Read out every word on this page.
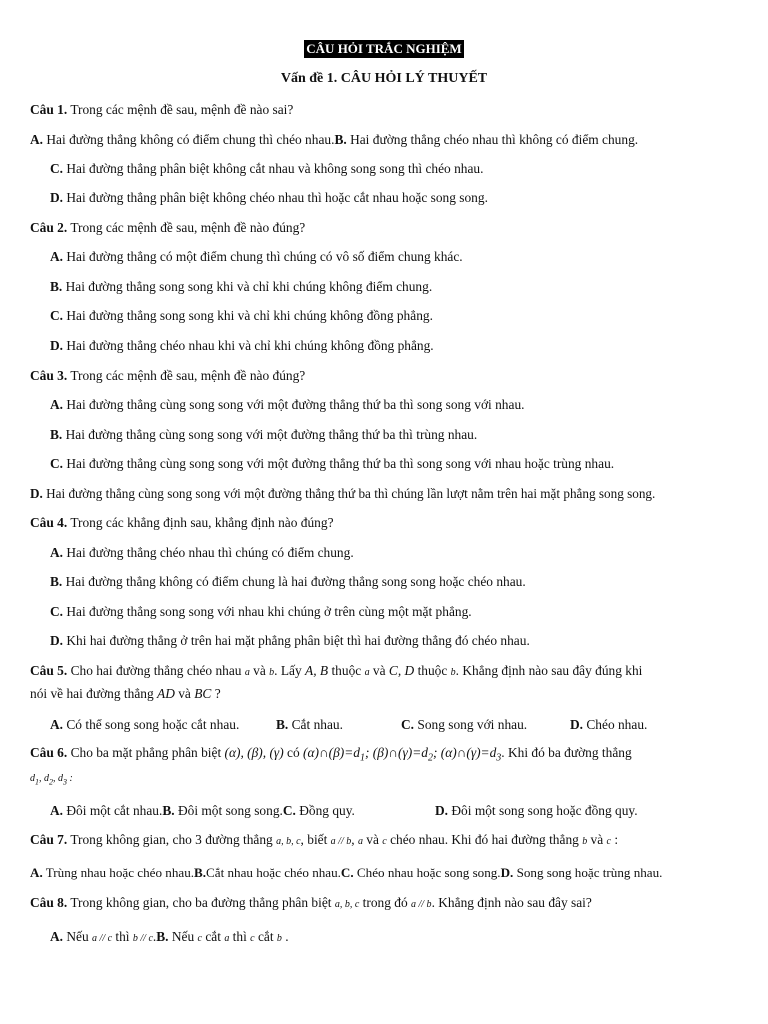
CÂU HỎI TRẮC NGHIỆM
Vấn đề 1. CÂU HỎI LÝ THUYẾT
Câu 1. Trong các mệnh đề sau, mệnh đề nào sai?
A. Hai đường thẳng không có điểm chung thì chéo nhau.B. Hai đường thẳng chéo nhau thì không có điểm chung.
C. Hai đường thẳng phân biệt không cắt nhau và không song song thì chéo nhau.
D. Hai đường thẳng phân biệt không chéo nhau thì hoặc cắt nhau hoặc song song.
Câu 2. Trong các mệnh đề sau, mệnh đề nào đúng?
A. Hai đường thẳng có một điểm chung thì chúng có vô số điểm chung khác.
B. Hai đường thẳng song song khi và chỉ khi chúng không điểm chung.
C. Hai đường thẳng song song khi và chỉ khi chúng không đồng phẳng.
D. Hai đường thẳng chéo nhau khi và chỉ khi chúng không đồng phẳng.
Câu 3. Trong các mệnh đề sau, mệnh đề nào đúng?
A. Hai đường thẳng cùng song song với một đường thẳng thứ ba thì song song với nhau.
B. Hai đường thẳng cùng song song với một đường thẳng thứ ba thì trùng nhau.
C. Hai đường thẳng cùng song song với một đường thẳng thứ ba thì song song với nhau hoặc trùng nhau.
D. Hai đường thẳng cùng song song với một đường thẳng thứ ba thì chúng lần lượt nằm trên hai mặt phẳng song song.
Câu 4. Trong các khẳng định sau, khẳng định nào đúng?
A. Hai đường thẳng chéo nhau thì chúng có điểm chung.
B. Hai đường thẳng không có điểm chung là hai đường thẳng song song hoặc chéo nhau.
C. Hai đường thẳng song song với nhau khi chúng ở trên cùng một mặt phẳng.
D. Khi hai đường thẳng ở trên hai mặt phẳng phân biệt thì hai đường thẳng đó chéo nhau.
Câu 5. Cho hai đường thẳng chéo nhau a và b. Lấy A, B thuộc a và C, D thuộc b. Khẳng định nào sau đây đúng khi
nói về hai đường thẳng AD và BC ?
A. Có thể song song hoặc cắt nhau.	B. Cắt nhau.	C. Song song với nhau.	D. Chéo nhau.
Câu 6. Cho ba mặt phẳng phân biệt (α), (β), (γ) có $(\alpha)\cap(\beta)=d_1$; $(\beta)\cap(\gamma)=d_2$; $(\alpha)\cap(\gamma)=d_3$. Khi đó ba đường thẳng
$d_1$, $d_2$, $d_3$ :
A. Đôi một cắt nhau.B. Đôi một song song.C. Đồng quy.	D. Đôi một song song hoặc đồng quy.
Câu 7. Trong không gian, cho 3 đường thẳng a, b, c, biết a // b, a và c chéo nhau. Khi đó hai đường thẳng b và c :
A. Trùng nhau hoặc chéo nhau.B.Cắt nhau hoặc chéo nhau.C. Chéo nhau hoặc song song.D. Song song hoặc trùng nhau.
Câu 8. Trong không gian, cho ba đường thẳng phân biệt a, b, c trong đó a // b. Khẳng định nào sau đây sai?
A. Nếu a // c thì b // c.B. Nếu c cắt a thì c cắt b .
